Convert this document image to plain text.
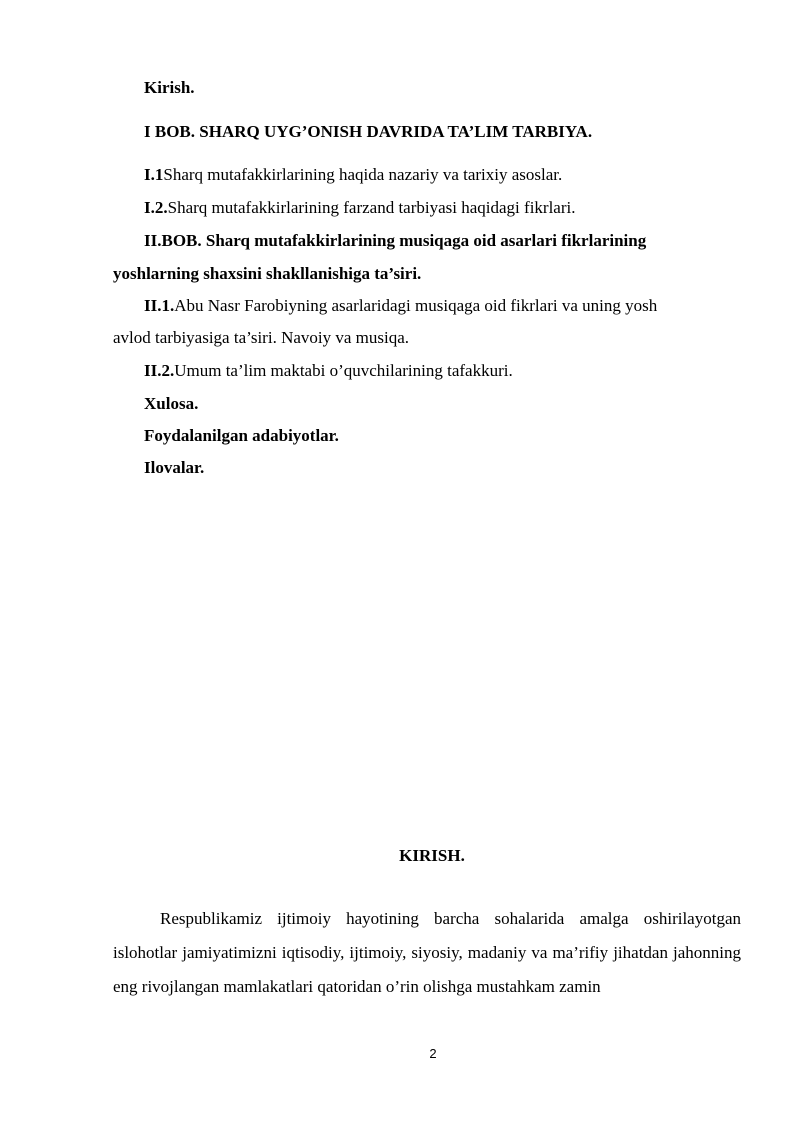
Kirish.
I BOB. SHARQ UYG’ONISH DAVRIDA TA’LIM TARBIYA.
I.1Sharq mutafakkirlarining haqida nazariy va tarixiy asoslar.
I.2.Sharq mutafakkirlarining farzand tarbiyasi haqidagi fikrlari.
II.BOB. Sharq mutafakkirlarining musiqaga oid asarlari fikrlarining
yoshlarning shaxsini shakllanishiga ta’siri.
II.1.Abu Nasr Farobiyning asarlaridagi musiqaga oid fikrlari va uning yosh
avlod tarbiyasiga ta’siri. Navoiy va musiqa.
II.2.Umum ta’lim maktabi o’quvchilarining tafakkuri.
Xulosa.
Foydalanilgan adabiyotlar.
Ilovalar.
KIRISH.
Respublikamiz ijtimoiy hayotining barcha sohalarida amalga oshirilayotgan islohotlar jamiyatimizni iqtisodiy, ijtimoiy, siyosiy, madaniy va ma’rifiy jihatdan jahonning eng rivojlangan mamlakatlari qatoridan o’rin olishga mustahkam zamin
2
